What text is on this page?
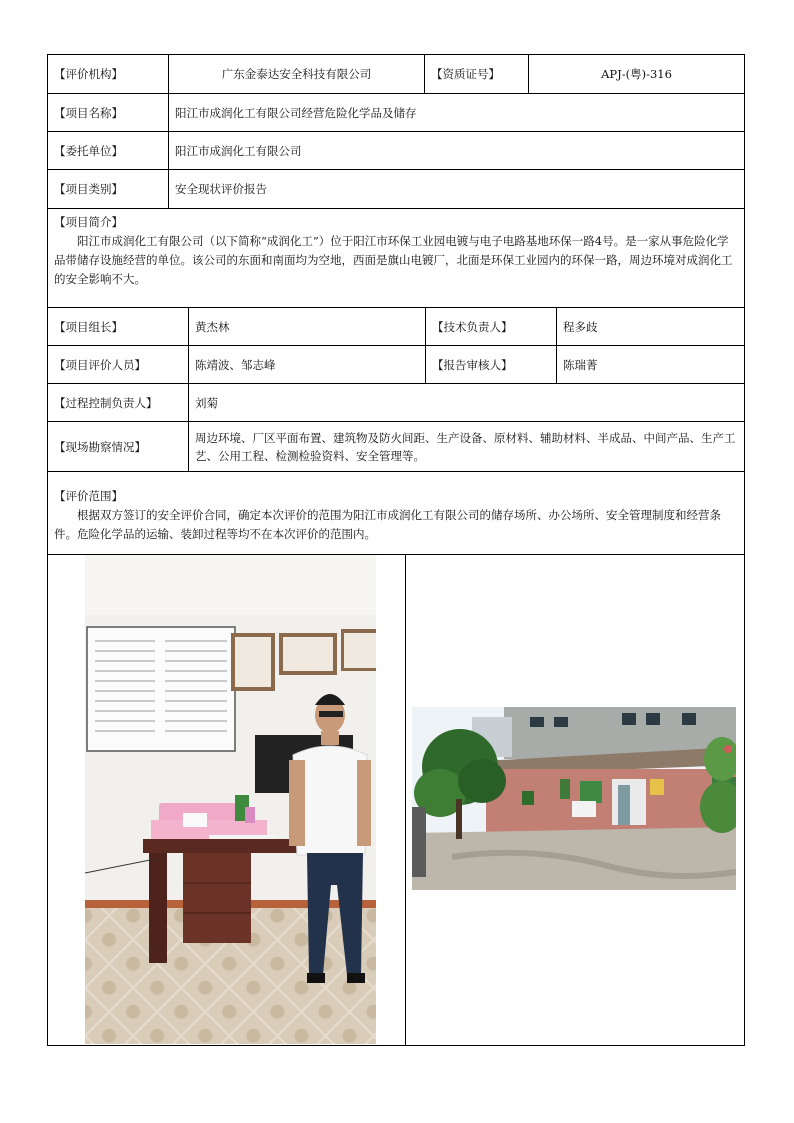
【评价机构】	广东金泰达安全科技有限公司	【资质证号】	APJ-(粤)-316
【项目名称】	阳江市成润化工有限公司经营危险化学品及储存
【委托单位】	阳江市成润化工有限公司
【项目类别】	安全现状评价报告
【项目简介】

阳江市成润化工有限公司（以下简称“成润化工”）位于阳江市环保工业园电镀与电子电路基地环保一路4号。是一家从事危险化学品带储存设施经营的单位。该公司的东面和南面均为空地，西面是旗山电镀厂，北面是环保工业园内的环保一路，周边环境对成润化工的安全影响不大。

【项目组长】	黄杰林	【技术负责人】	程多歧
【项目评价人员】	陈靖波、邹志峰	【报告审核人】	陈瑞菁
【过程控制负责人】	刘菊
【现场勘察情况】
周边环境、厂区平面布置、建筑物及防火间距、生产设备、原材料、辅助材料、半成品、中间产品、生产工艺、公用工程、检测检验资料、安全管理等。
【评价范围】

根据双方签订的安全评价合同，确定本次评价的范围为阳江市成润化工有限公司的储存场所、办公场所、安全管理制度和经营条件。危险化学品的运输、装卸过程等均不在本次评价的范围内。
